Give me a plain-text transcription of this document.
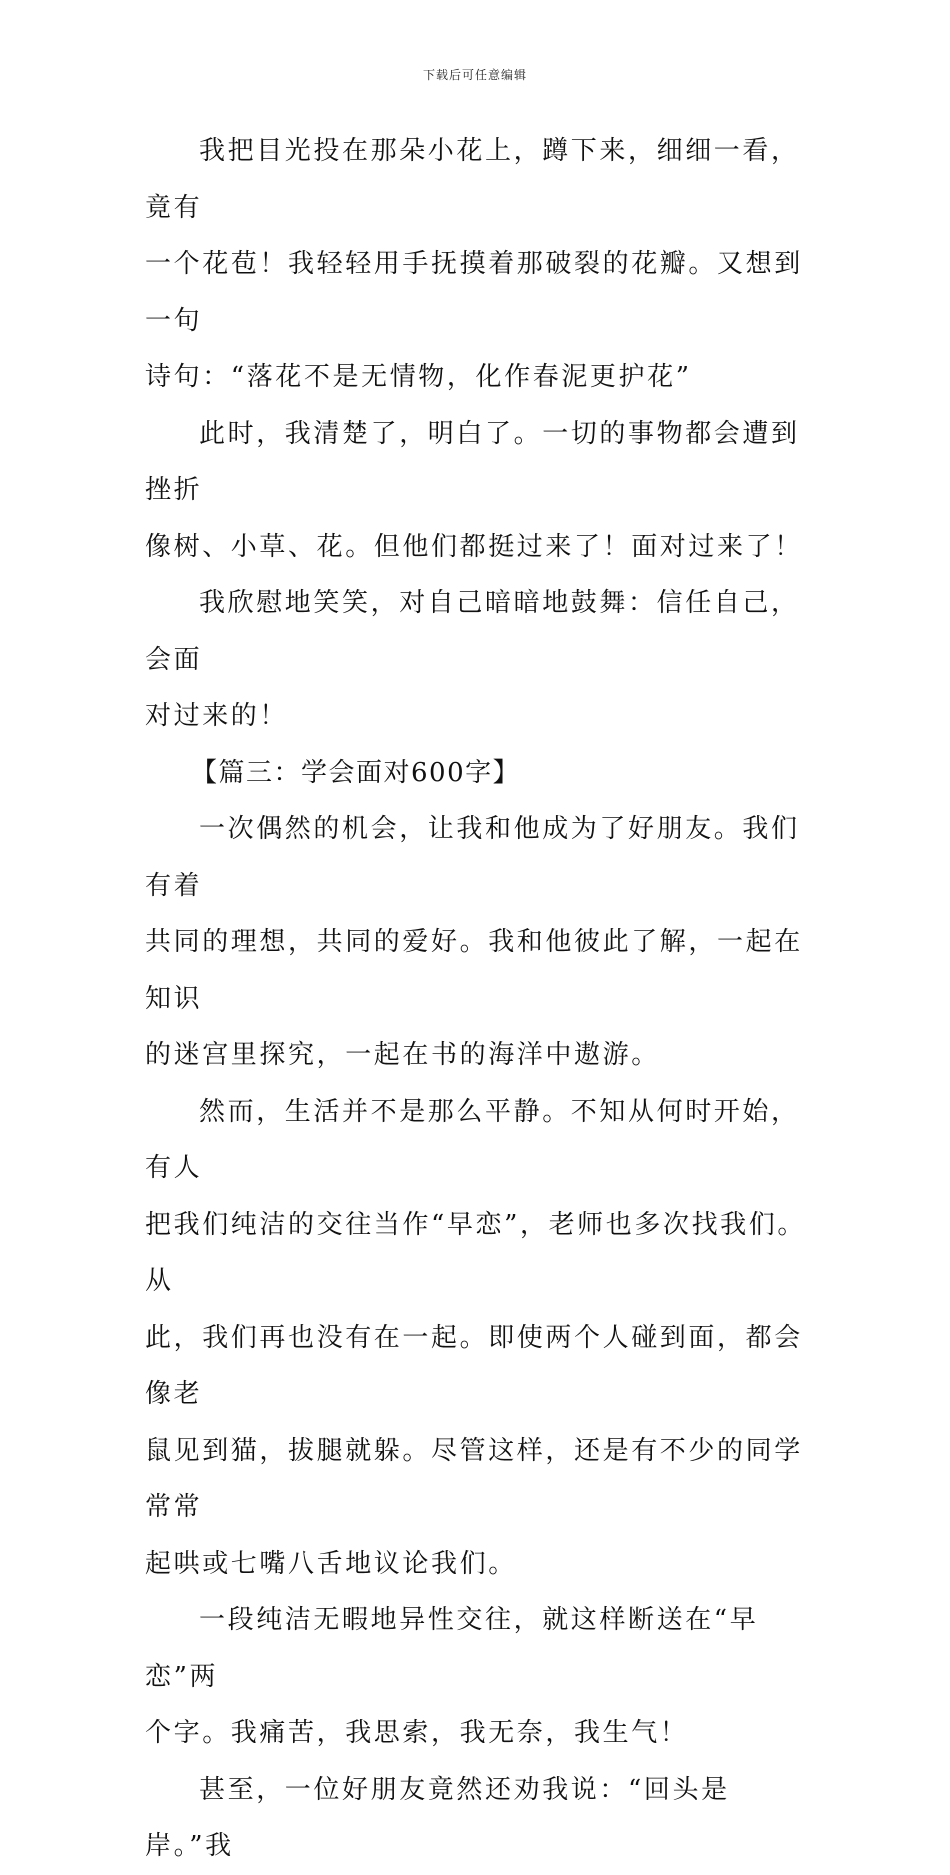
下载后可任意编辑

我把目光投在那朵小花上，蹲下来，细细一看，竟有

一个花苞！我轻轻用手抚摸着那破裂的花瓣。又想到一句

诗句：“落花不是无情物，化作春泥更护花”

此时，我清楚了，明白了。一切的事物都会遭到挫折

像树、小草、花。但他们都挺过来了！面对过来了！

我欣慰地笑笑，对自己暗暗地鼓舞：信任自己，会面

对过来的！

【篇三：学会面对600字】

一次偶然的机会，让我和他成为了好朋友。我们有着

共同的理想，共同的爱好。我和他彼此了解，一起在知识

的迷宫里探究，一起在书的海洋中遨游。

然而，生活并不是那么平静。不知从何时开始，有人

把我们纯洁的交往当作“早恋”，老师也多次找我们。从

此，我们再也没有在一起。即使两个人碰到面，都会像老

鼠见到猫，拔腿就躲。尽管这样，还是有不少的同学常常

起哄或七嘴八舌地议论我们。

一段纯洁无暇地异性交往，就这样断送在“早恋”两

个字。我痛苦，我思索，我无奈，我生气！

甚至，一位好朋友竟然还劝我说：“回头是岸。”我
